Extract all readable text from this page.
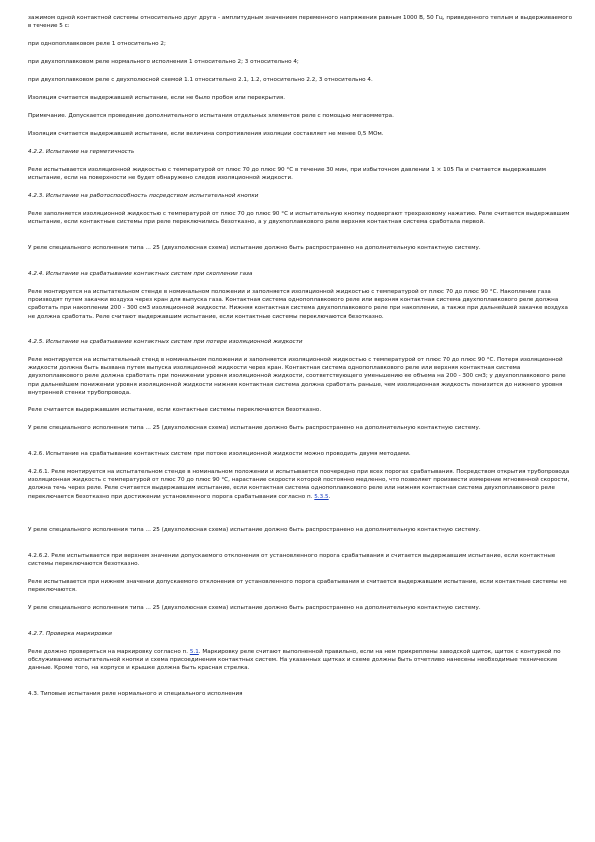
зажимом одной контактной системы относительно друг друга - амплитудным значением переменного напряжения равным 1000 В, 50 Гц, приведенного теплым и выдерживаемого в течение 5 с:

при однопоплавковом реле 1 относительно 2;

при двухпоплавковом реле нормального исполнения 1 относительно 2; 3 относительно 4;

при двухпоплавковом реле с двухполюсной схемой 1.1 относительно 2.1, 1.2, относительно 2.2, 3 относительно 4.

Изоляция считается выдержавшей испытание, если не было пробоя или перекрытия.

Примечание. Допускается проведение дополнительного испытания отдельных элементов реле с помощью мегаомметра.

Изоляция считается выдержавшей испытание, если величина сопротивления изоляции составляет не менее 0,5 МОм.

4.2.2. Испытание на герметичность

Реле испытывается изоляционной жидкостью с температурой от плюс 70 до плюс 90 °С в течение 30 мин, при избыточном давлении 1 × 105 Па и считается выдержавшим испытание, если на поверхности не будет обнаружено следов изоляционной жидкости.

4.2.3. Испытание на работоспособность посредством испытательной кнопки

Реле заполняется изоляционной жидкостью с температурой от плюс 70 до плюс 90 °С и испытательную кнопку подвергают трехразовому нажатию. Реле считается выдержавшим испытание, если контактные системы при реле переключились безотказно, а у двухпоплавкового реле верхняя контактная система сработала первой.

У реле специального исполнения типа ... 25 (двухполюсная схема) испытание должно быть распространено на дополнительную контактную систему.

4.2.4. Испытание на срабатывание контактных систем при скоплении газа

Реле монтируется на испытательном стенде в номинальном положении и заполняется изоляционной жидкостью с температурой от плюс 70 до плюс 90 °С. Накопление газа производят путем закачки воздуха через кран для выпуска газа. Контактная система однопоплавкового реле или верхняя контактная система двухпоплавкового реле должна сработать при накоплении 200 - 300 см3 изоляционной жидкости. Нижняя контактная система двухпоплавкового реле при накоплении, а также при дальнейшей закачке воздуха не должна сработать. Реле считают выдержавшим испытание, если контактные системы переключаются безотказно.

4.2.5. Испытание на срабатывание контактных систем при потере изоляционной жидкости

Реле монтируется на испытательный стенд в номинальном положении и заполняется изоляционной жидкостью с температурой от плюс 70 до плюс 90 °С. Потеря изоляционной жидкости должна быть вызвана путем выпуска изоляционной жидкости через кран. Контактная система однопоплавкового реле или верхняя контактная система двухпоплавкового реле должна сработать при понижении уровня изоляционной жидкости, соответствующего уменьшению ее объема на 200 - 300 см3; у двухпоплавкового реле при дальнейшем понижении уровня изоляционной жидкости нижняя контактная система должна сработать раньше, чем изоляционная жидкость понизится до нижнего уровня внутренней стенки трубопровода.

Реле считается выдержавшим испытание, если контактные системы переключаются безотказно.

У реле специального исполнения типа ... 25 (двухполюсная схема) испытание должно быть распространено на дополнительную контактную систему.

4.2.6. Испытание на срабатывание контактных систем при потоке изоляционной жидкости можно проводить двумя методами.

4.2.6.1. Реле монтируется на испытательном стенде в номинальном положении и испытывается поочередно при всех порогах срабатывания. Посредством открытия трубопровода изоляционная жидкость с температурой от плюс 70 до плюс 90 °С, нарастание скорости которой постоянно медленно, что позволяет произвести измерение мгновенной скорости, должна течь через реле. Реле считается выдержавшим испытание, если контактная система однопоплавкового реле или нижняя контактная система двухпоплавкового реле переключается безотказно при достижении установленного порога срабатывания согласно п. 5.3.5.

У реле специального исполнения типа ... 25 (двухполюсная схема) испытание должно быть распространено на дополнительную контактную систему.

4.2.6.2. Реле испытывается при верхнем значении допускаемого отклонения от установленного порога срабатывания и считается выдержавшим испытание, если контактные системы переключаются безотказно.

Реле испытывается при нижнем значении допускаемого отклонения от установленного порога срабатывания и считается выдержавшим испытание, если контактные системы не переключаются.

У реле специального исполнения типа ... 25 (двухполюсная схема) испытание должно быть распространено на дополнительную контактную систему.

4.2.7. Проверка маркировки

Реле должно проверяться на маркировку согласно п. 5.1. Маркировку реле считают выполненной правильно, если на нем прикреплены заводской щиток, щиток с контуркой по обслуживанию испытательной кнопки и схема присоединения контактных систем. На указанных щитках и схеме должны быть отчетливо нанесены необходимые технические данные. Кроме того, на корпусе и крышке должна быть красная стрелка.

4.3. Типовые испытания реле нормального и специального исполнения
